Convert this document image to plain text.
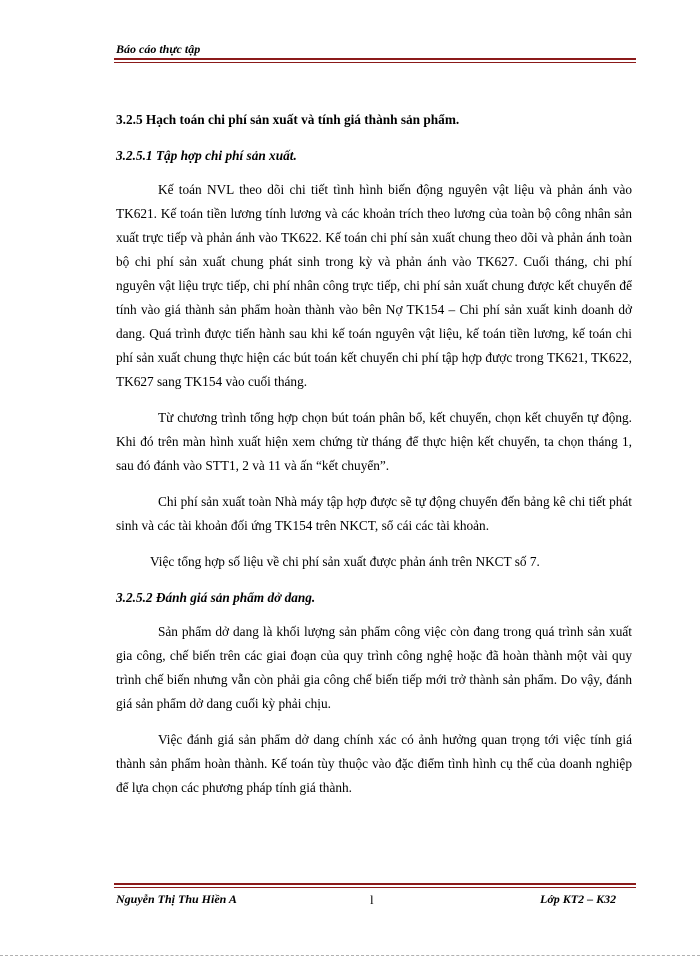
Báo cáo thực tập
3.2.5 Hạch toán chi phí sản xuất và tính giá thành sản phẩm.
3.2.5.1 Tập hợp chi phí sản xuất.

Kế toán NVL theo dõi chi tiết tình hình biến động nguyên vật liệu và phản ánh vào TK621. Kế toán tiền lương tính lương và các khoản trích theo lương của toàn bộ công nhân sản xuất trực tiếp và phản ánh vào TK622. Kế toán chi phí sản xuất chung theo dõi và phản ánh toàn bộ chi phí sản xuất chung phát sinh trong kỳ và phản ánh vào TK627. Cuối tháng, chi phí nguyên vật liệu trực tiếp, chi phí nhân công trực tiếp, chi phí sản xuất chung được kết chuyển để tính vào giá thành sản phẩm hoàn thành vào bên Nợ TK154 – Chi phí sản xuất kinh doanh dở dang. Quá trình được tiến hành sau khi kế toán nguyên vật liệu, kế toán tiền lương, kế toán chi phí sản xuất chung thực hiện các bút toán kết chuyển chi phí tập hợp được trong TK621, TK622, TK627 sang TK154 vào cuối tháng.

Từ chương trình tổng hợp chọn bút toán phân bổ, kết chuyển, chọn kết chuyển tự động. Khi đó trên màn hình xuất hiện xem chứng từ tháng để thực hiện kết chuyển, ta chọn tháng 1, sau đó đánh vào STT1, 2 và 11 và ấn “kết chuyển”.

Chi phí sản xuất toàn Nhà máy tập hợp được sẽ tự động chuyển đến bảng kê chi tiết phát sinh và các tài khoản đối ứng TK154 trên NKCT, sổ cái các tài khoản.

Việc tổng hợp số liệu về chi phí sản xuất được phản ánh trên NKCT số 7.

3.2.5.2 Đánh giá sản phẩm dở dang.

Sản phẩm dở dang là khối lượng sản phẩm công việc còn đang trong quá trình sản xuất gia công, chế biến trên các giai đoạn của quy trình công nghệ hoặc đã hoàn thành một vài quy trình chế biến nhưng vẫn còn phải gia công chế biến tiếp mới trở thành sản phẩm. Do vậy, đánh giá sản phẩm dở dang cuối kỳ phải chịu.

Việc đánh giá sản phẩm dở dang chính xác có ảnh hưởng quan trọng tới việc tính giá thành sản phẩm hoàn thành. Kế toán tùy thuộc vào đặc điểm tình hình cụ thể của doanh nghiệp để lựa chọn các phương pháp tính giá thành.

Nguyễn Thị Thu Hiền A	l	Lớp KT2 – K32
